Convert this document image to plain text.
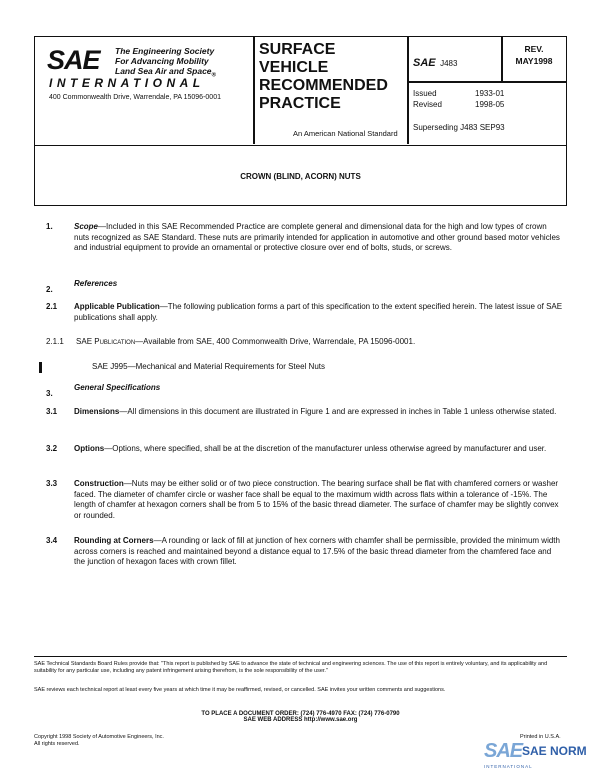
SAE The Engineering Society
For Advancing Mobility
Land Sea Air and Space$_®$
INTERNATIONAL
400 Commonwealth Drive, Warrendale, PA 15096-0001
SURFACE
VEHICLE
RECOMMENDED
PRACTICE
An American National Standard
SAE J483
REV.
MAY1998
Issued	1933-01
Revised	1998-05
Superseding J483 SEP93
CROWN (BLIND, ACORN) NUTS
1.	Scope—Included in this SAE Recommended Practice are complete general and dimensional data for the high and low types of crown nuts recognized as SAE Standard. These nuts are primarily intended for application in automotive and other ground based motor vehicles and industrial equipment to provide an ornamental or protective closure over end of bolts, studs, or screws.
2.
References
2.1 Applicable Publication—The following publication forms a part of this specification to the extent specified herein. The latest issue of SAE publications shall apply.
2.1.1 SAE Publication—Available from SAE, 400 Commonwealth Drive, Warrendale, PA 15096-0001.
SAE J995—Mechanical and Material Requirements for Steel Nuts
3.
General Specifications
3.1 Dimensions—All dimensions in this document are illustrated in Figure 1 and are expressed in inches in Table 1 unless otherwise stated.
3.2 Options—Options, where specified, shall be at the discretion of the manufacturer unless otherwise agreed by manufacturer and user.
3.3 Construction—Nuts may be either solid or of two piece construction. The bearing surface shall be flat with chamfered corners or washer faced. The diameter of chamfer circle or washer face shall be equal to the maximum width across flats within a tolerance of -15%. The length of chamfer at hexagon corners shall be from 5 to 15% of the basic thread diameter. The surface of chamfer may be slightly convex or rounded.
3.4 Rounding at Corners—A rounding or lack of fill at junction of hex corners with chamfer shall be permissible, provided the minimum width across corners is reached and maintained beyond a distance equal to 17.5% of the basic thread diameter from the chamfered face and the junction of hexagon faces with crown fillet.
SAE Technical Standards Board Rules provide that: "This report is published by SAE to advance the state of technical and engineering sciences. The use of this report is entirely voluntary, and its applicability and suitability for any particular use, including any patent infringement arising therefrom, is the sole responsibility of the user."
SAE reviews each technical report at least every five years at which time it may be reaffirmed, revised, or cancelled. SAE invites your written comments and suggestions.
TO PLACE A DOCUMENT ORDER: (724) 776-4970 FAX: (724) 776-0790
SAE WEB ADDRESS http://www.sae.org
Copyright 1998 Society of Automotive Engineers, Inc.
All rights reserved.
Printed in U.S.A.
SAE SAE NORM
INTERNATIONAL
